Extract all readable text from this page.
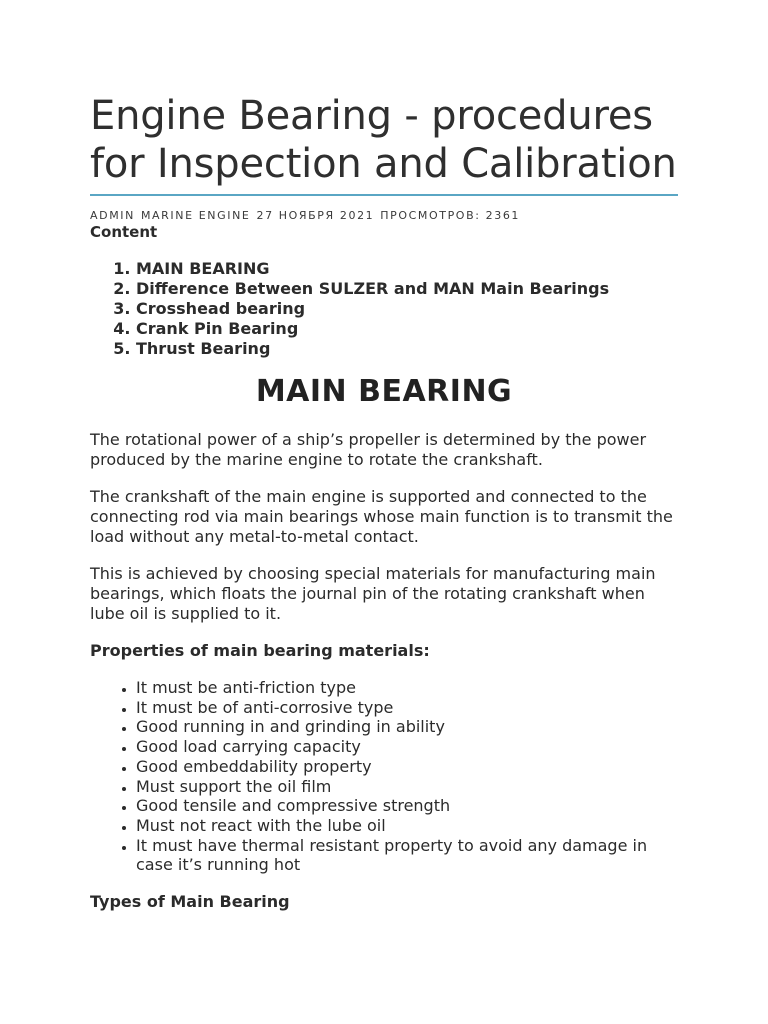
Engine Bearing - procedures for Inspection and Calibration
ADMIN MARINE ENGINE 27 НОЯБРЯ 2021 ПРОСМОТРОВ: 2361
Content
1. MAIN BEARING
2. Difference Between SULZER and MAN Main Bearings
3. Crosshead bearing
4. Crank Pin Bearing
5. Thrust Bearing
MAIN BEARING

The rotational power of a ship’s propeller is determined by the power produced by the marine engine to rotate the crankshaft.

The crankshaft of the main engine is supported and connected to the connecting rod via main bearings whose main function is to transmit the load without any metal-to-metal contact.

This is achieved by choosing special materials for manufacturing main bearings, which floats the journal pin of the rotating crankshaft when lube oil is supplied to it.

Properties of main bearing materials:

• It must be anti-friction type
• It must be of anti-corrosive type
• Good running in and grinding in ability
• Good load carrying capacity
• Good embeddability property
• Must support the oil film
• Good tensile and compressive strength
• Must not react with the lube oil
• It must have thermal resistant property to avoid any damage in case it’s running hot

Types of Main Bearing
